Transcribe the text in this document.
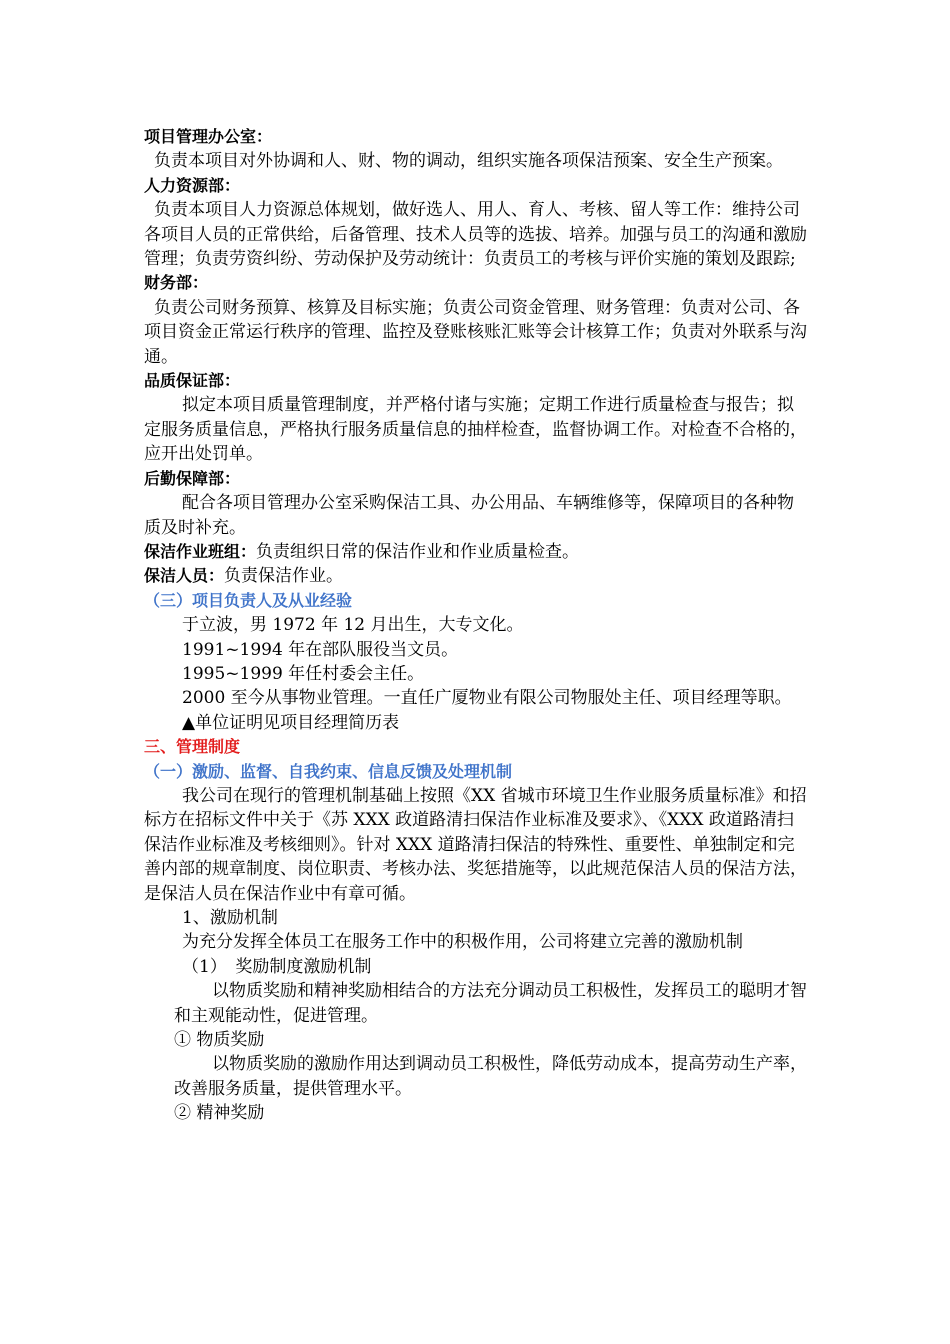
项目管理办公室：

负责本项目对外协调和人、财、物的调动，组织实施各项保洁预案、安全生产预案。

人力资源部：

负责本项目人力资源总体规划，做好选人、用人、育人、考核、留人等工作：维持公司各项目人员的正常供给，后备管理、技术人员等的选拔、培养。加强与员工的沟通和激励管理；负责劳资纠纷、劳动保护及劳动统计：负责员工的考核与评价实施的策划及跟踪;

财务部：

负责公司财务预算、核算及目标实施；负责公司资金管理、财务管理：负责对公司、各项目资金正常运行秩序的管理、监控及登账核账汇账等会计核算工作；负责对外联系与沟通。

品质保证部：

拟定本项目质量管理制度，并严格付诸与实施；定期工作进行质量检查与报告；拟定服务质量信息，严格执行服务质量信息的抽样检查，监督协调工作。对检查不合格的，应开出处罚单。

后勤保障部：

配合各项目管理办公室采购保洁工具、办公用品、车辆维修等，保障项目的各种物质及时补充。

保洁作业班组：负责组织日常的保洁作业和作业质量检查。

保洁人员：负责保洁作业。

（三）项目负责人及从业经验

于立波，男 1972 年 12 月出生，大专文化。

1991~1994 年在部队服役当文员。

1995~1999 年任村委会主任。

2000 至今从事物业管理。一直任广厦物业有限公司物服处主任、项目经理等职。

▲单位证明见项目经理简历表

三、管理制度

（一）激励、监督、自我约束、信息反馈及处理机制

我公司在现行的管理机制基础上按照《XX 省城市环境卫生作业服务质量标准》和招标方在招标文件中关于《苏 XXX 政道路清扫保洁作业标准及要求》、《XXX 政道路清扫保洁作业标准及考核细则》。针对 XXX 道路清扫保洁的特殊性、重要性、单独制定和完善内部的规章制度、岗位职责、考核办法、奖惩措施等，以此规范保洁人员的保洁方法，是保洁人员在保洁作业中有章可循。

1、激励机制

为充分发挥全体员工在服务工作中的积极作用，公司将建立完善的激励机制

（1）　奖励制度激励机制

以物质奖励和精神奖励相结合的方法充分调动员工积极性，发挥员工的聪明才智和主观能动性，促进管理。

① 物质奖励

以物质奖励的激励作用达到调动员工积极性，降低劳动成本，提高劳动生产率，改善服务质量，提供管理水平。

② 精神奖励
